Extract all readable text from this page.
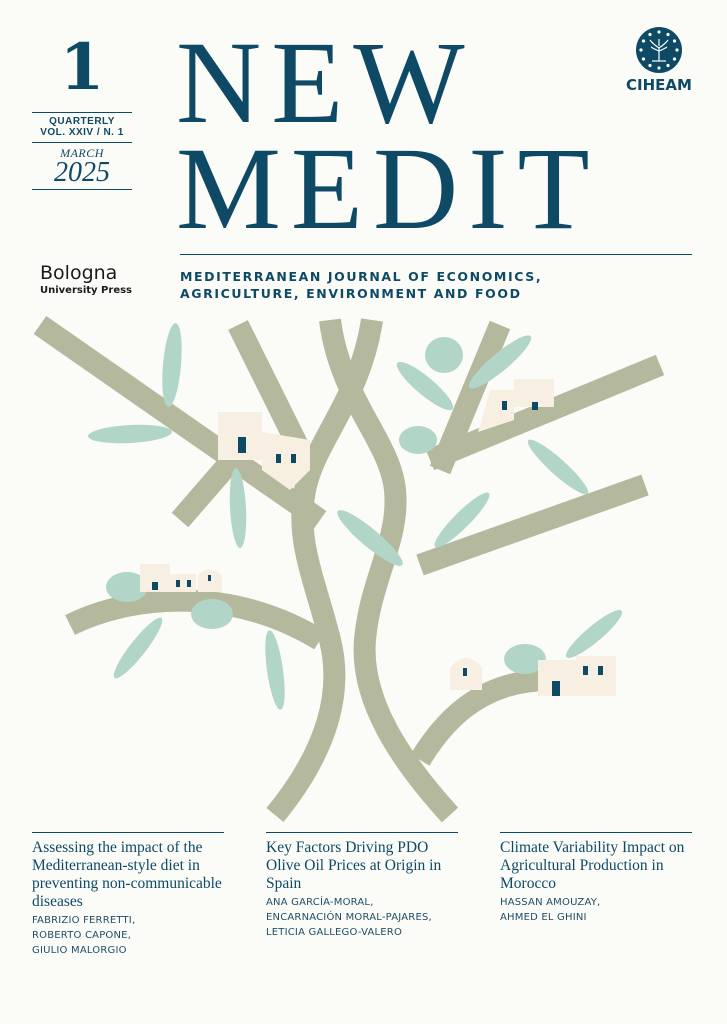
1
QUARTERLY
VOL. XXIV / N. 1
MARCH
2025
NEW
MEDIT
MEDITERRANEAN JOURNAL OF ECONOMICS,
AGRICULTURE, ENVIRONMENT AND FOOD
Bologna
University Press
CIHEAM
Assessing the impact of the Mediterranean-style diet in preventing non-communicable diseases
FABRIZIO FERRETTI,
ROBERTO CAPONE,
GIULIO MALORGIO
Key Factors Driving PDO Olive Oil Prices at Origin in Spain
ANA GARCÍA-MORAL,
ENCARNACIÓN MORAL-PAJARES,
LETICIA GALLEGO-VALERO
Climate Variability Impact on Agricultural Production in Morocco
HASSAN AMOUZAY,
AHMED EL GHINI
